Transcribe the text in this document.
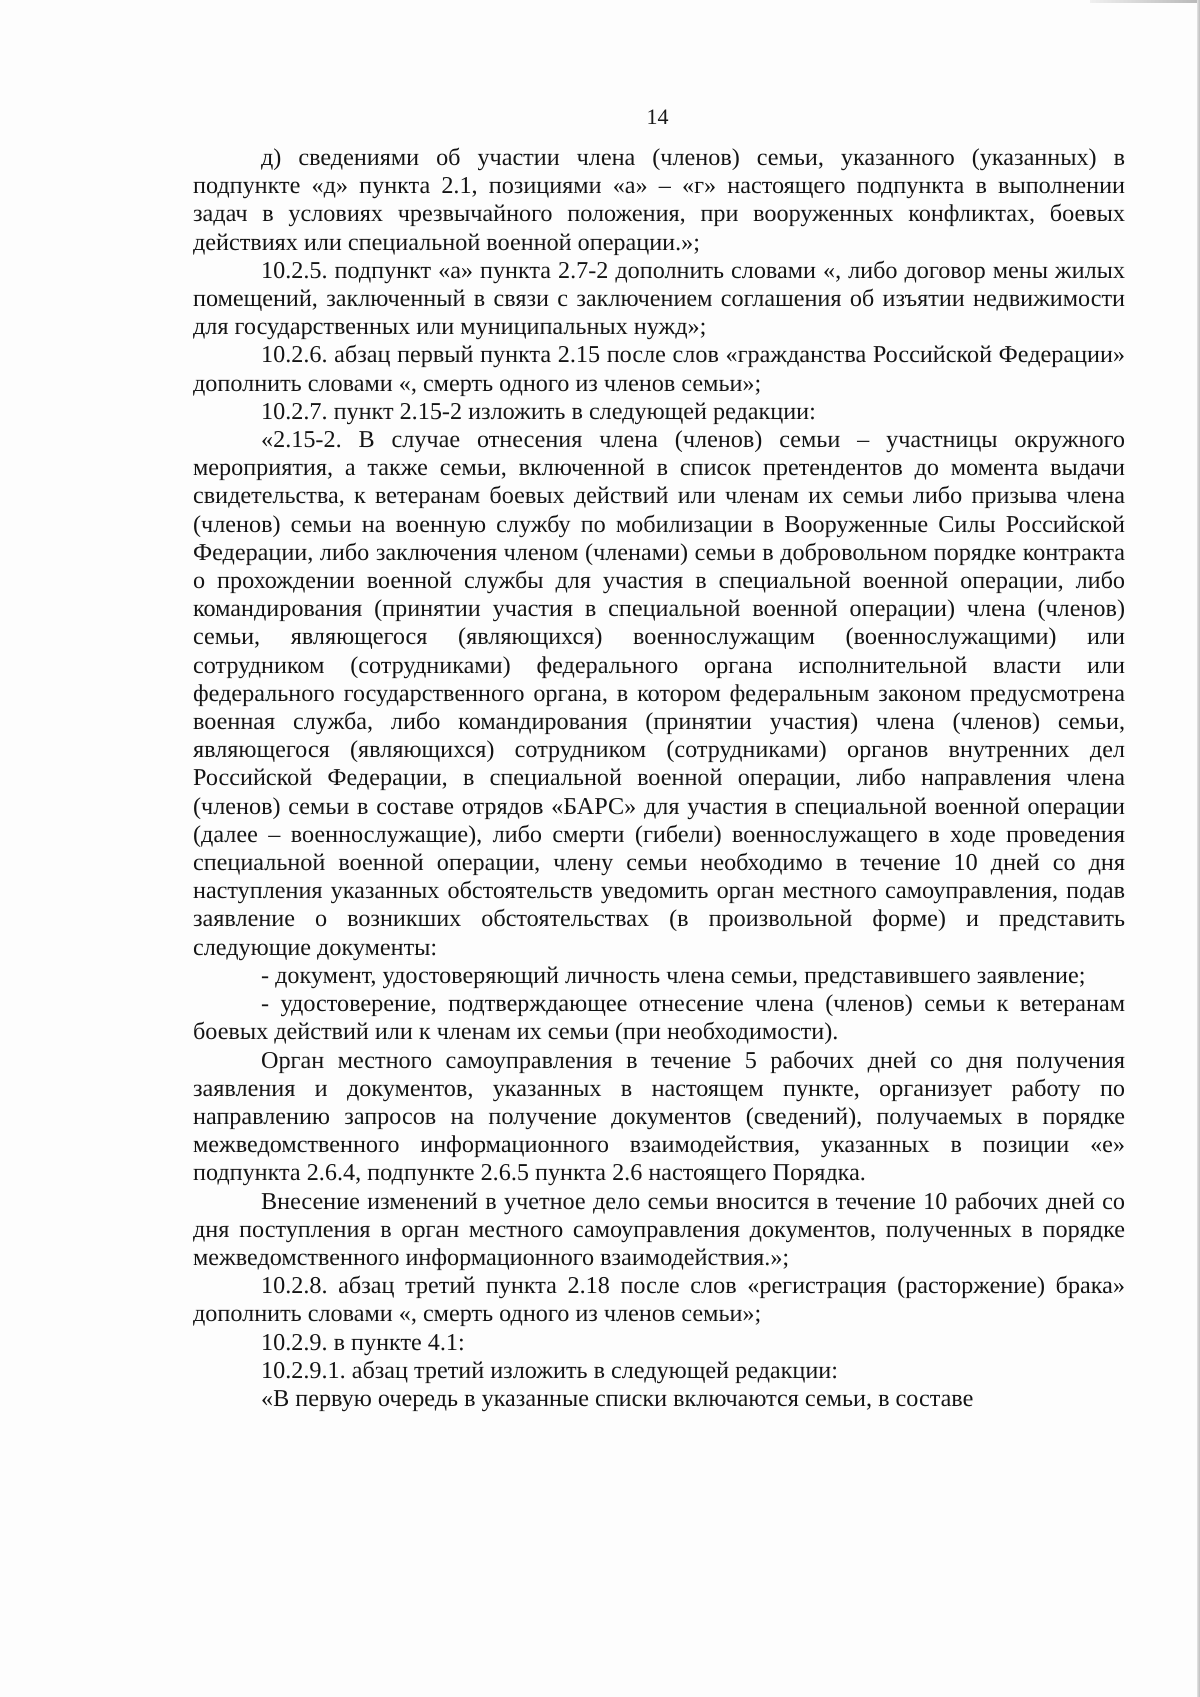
14

д) сведениями об участии члена (членов) семьи, указанного (указанных) в подпункте «д» пункта 2.1, позициями «а» – «г» настоящего подпункта в выполнении задач в условиях чрезвычайного положения, при вооруженных конфликтах, боевых действиях или специальной военной операции.»;

10.2.5. подпункт «а» пункта 2.7-2 дополнить словами «, либо договор мены жилых помещений, заключенный в связи с заключением соглашения об изъятии недвижимости для государственных или муниципальных нужд»;

10.2.6. абзац первый пункта 2.15 после слов «гражданства Российской Федерации» дополнить словами «, смерть одного из членов семьи»;

10.2.7. пункт 2.15-2 изложить в следующей редакции:

«2.15-2. В случае отнесения члена (членов) семьи – участницы окружного мероприятия, а также семьи, включенной в список претендентов до момента выдачи свидетельства, к ветеранам боевых действий или членам их семьи либо призыва члена (членов) семьи на военную службу по мобилизации в Вооруженные Силы Российской Федерации, либо заключения членом (членами) семьи в добровольном порядке контракта о прохождении военной службы для участия в специальной военной операции, либо командирования (принятии участия в специальной военной операции) члена (членов) семьи, являющегося (являющихся) военнослужащим (военнослужащими) или сотрудником (сотрудниками) федерального органа исполнительной власти или федерального государственного органа, в котором федеральным законом предусмотрена военная служба, либо командирования (принятии участия) члена (членов) семьи, являющегося (являющихся) сотрудником (сотрудниками) органов внутренних дел Российской Федерации, в специальной военной операции, либо направления члена (членов) семьи в составе отрядов «БАРС» для участия в специальной военной операции (далее – военнослужащие), либо смерти (гибели) военнослужащего в ходе проведения специальной военной операции, члену семьи необходимо в течение 10 дней со дня наступления указанных обстоятельств уведомить орган местного самоуправления, подав заявление о возникших обстоятельствах (в произвольной форме) и представить следующие документы:

- документ, удостоверяющий личность члена семьи, представившего заявление;

- удостоверение, подтверждающее отнесение члена (членов) семьи к ветеранам боевых действий или к членам их семьи (при необходимости).

Орган местного самоуправления в течение 5 рабочих дней со дня получения заявления и документов, указанных в настоящем пункте, организует работу по направлению запросов на получение документов (сведений), получаемых в порядке межведомственного информационного взаимодействия, указанных в позиции «е» подпункта 2.6.4, подпункте 2.6.5 пункта 2.6 настоящего Порядка.

Внесение изменений в учетное дело семьи вносится в течение 10 рабочих дней со дня поступления в орган местного самоуправления документов, полученных в порядке межведомственного информационного взаимодействия.»;

10.2.8. абзац третий пункта 2.18 после слов «регистрация (расторжение) брака» дополнить словами «, смерть одного из членов семьи»;

10.2.9. в пункте 4.1:

10.2.9.1. абзац третий изложить в следующей редакции:

«В первую очередь в указанные списки включаются семьи, в составе
